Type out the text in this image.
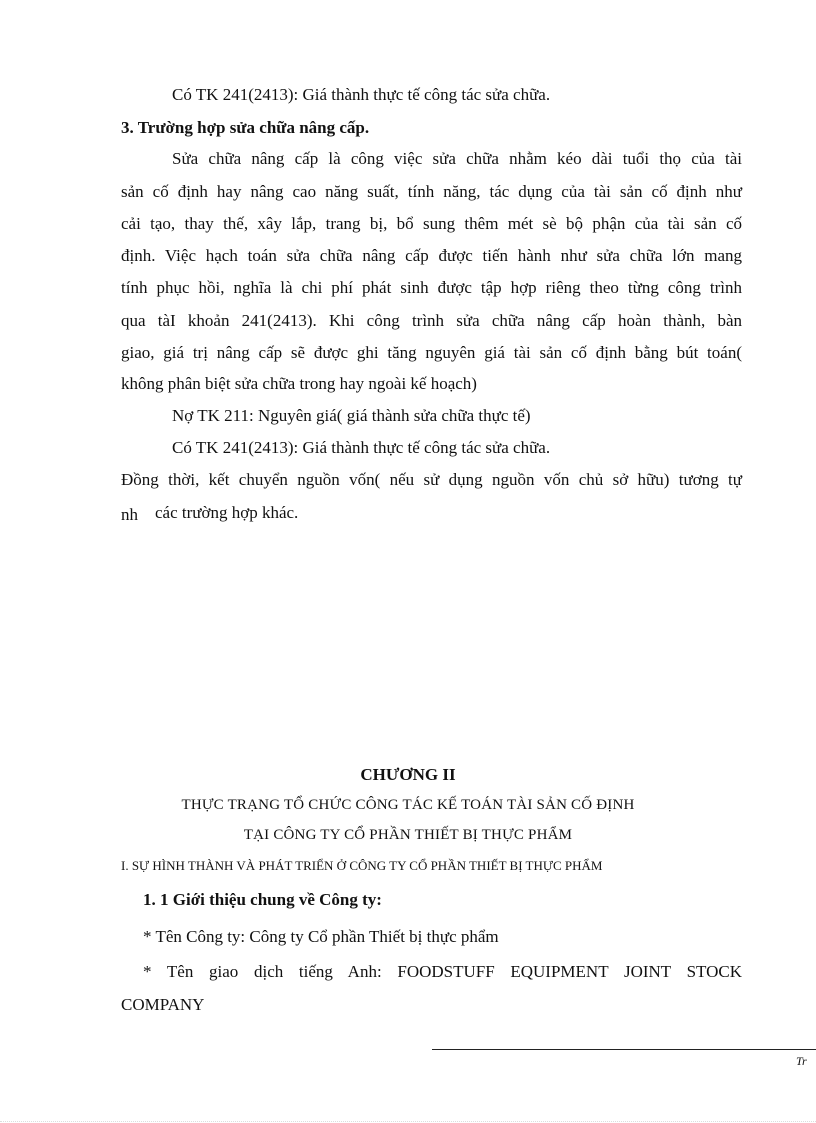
Có TK 241(2413): Giá thành thực tế công tác sửa chữa.
3. Trường hợp sửa chữa nâng cấp.
Sửa chữa nâng cấp là công việc sửa chữa nhằm kéo dài tuổi thọ của tài
sản cố định hay nâng cao năng suất, tính năng, tác dụng của tài sản cố định như
cải tạo, thay thế, xây lắp, trang bị, bổ sung thêm mét sè bộ phận của tài sản cố
định. Việc hạch toán sửa chữa nâng cấp được tiến hành như sửa chữa lớn mang
tính phục hồi, nghĩa là chi phí phát sinh được tập hợp riêng theo từng công trình
qua tàI khoản 241(2413). Khi công trình sửa chữa nâng cấp hoàn thành, bàn
giao, giá trị nâng cấp sẽ được ghi tăng nguyên giá tài sản cố định bằng bút toán(
không phân biệt sửa chữa trong hay ngoài kế hoạch)
Nợ TK 211: Nguyên giá( giá thành sửa chữa thực tế)
Có TK 241(2413): Giá thành thực tế công tác sửa chữa.
Đồng thời, kết chuyển nguồn vốn( nếu sử dụng nguồn vốn chủ sở hữu) tương tự
nh các trường hợp khác.
CHƯƠNG II
THỰC TRẠNG TỔ CHỨC CÔNG TÁC KẾ TOÁN TÀI SẢN CỐ ĐỊNH
TẠI CÔNG TY CỔ PHẦN THIẾT BỊ THỰC PHẨM
I. SỰ HÌNH THÀNH VÀ PHÁT TRIỂN Ở CÔNG TY CỔ PHẦN THIẾT BỊ THỰC PHẨM
1. 1 Giới thiệu chung về Công ty:
* Tên Công ty: Công ty Cổ phần Thiết bị thực phẩm
* Tên giao dịch tiếng Anh: FOODSTUFF EQUIPMENT JOINT STOCK
COMPANY
Tr
